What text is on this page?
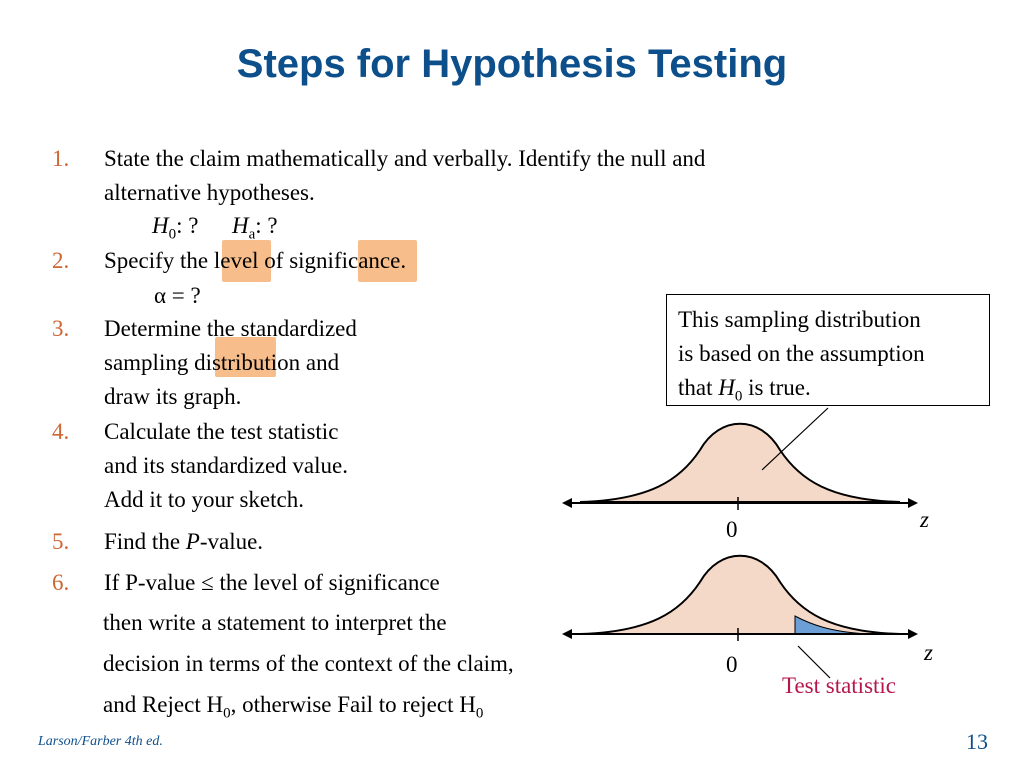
Steps for Hypothesis Testing
1. State the claim mathematically and verbally. Identify the null and
alternative hypotheses.
$H_0$: ? $H_a$: ?
2. Specify the level of significance.
α = ?
3. Determine the standardized
sampling distribution and
draw its graph.
4. Calculate the test statistic
and its standardized value.
Add it to your sketch.
5. Find the P-value.
6. If P-value ≤ the level of significance
then write a statement to interpret the
decision in terms of the context of the claim,
and Reject $H_0$, otherwise Fail to reject $H_0$
This sampling distribution
is based on the assumption
that $H_0$ is true.
z
0
z
0
Test statistic
Larson/Farber 4th ed.	13
